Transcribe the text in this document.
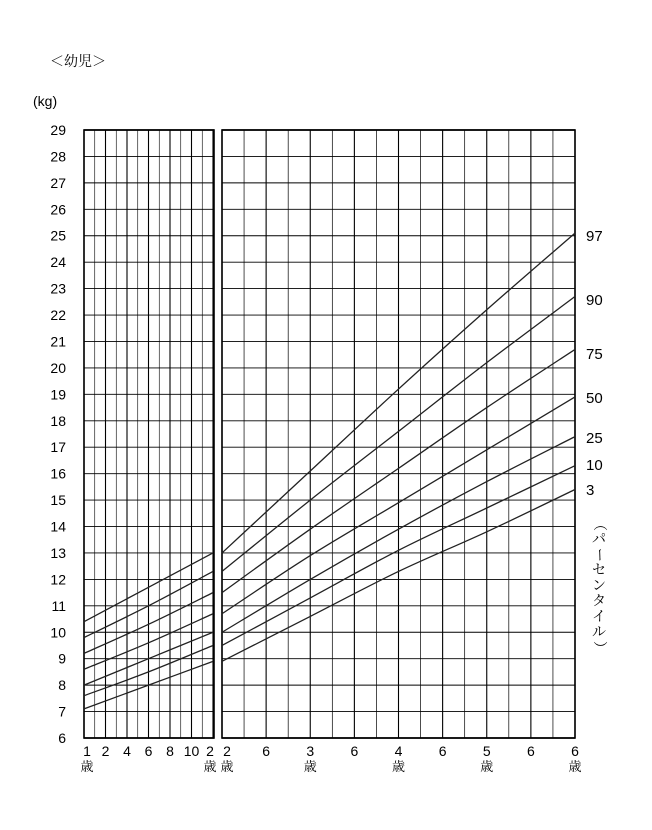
＜幼児＞
(kg)
6
7
8
9
10
11
12
13
14
15
16
17
18
19
20
21
22
23
24
25
26
27
28
29
1
歳
2 4 6 8 10 2
歳
2
歳
6	3
歳
6	4
歳
6	5
歳
6	6
歳
97
90
75
50
25
10
3
（
パ
ー
セ
ン
タ
イ
ル
）
